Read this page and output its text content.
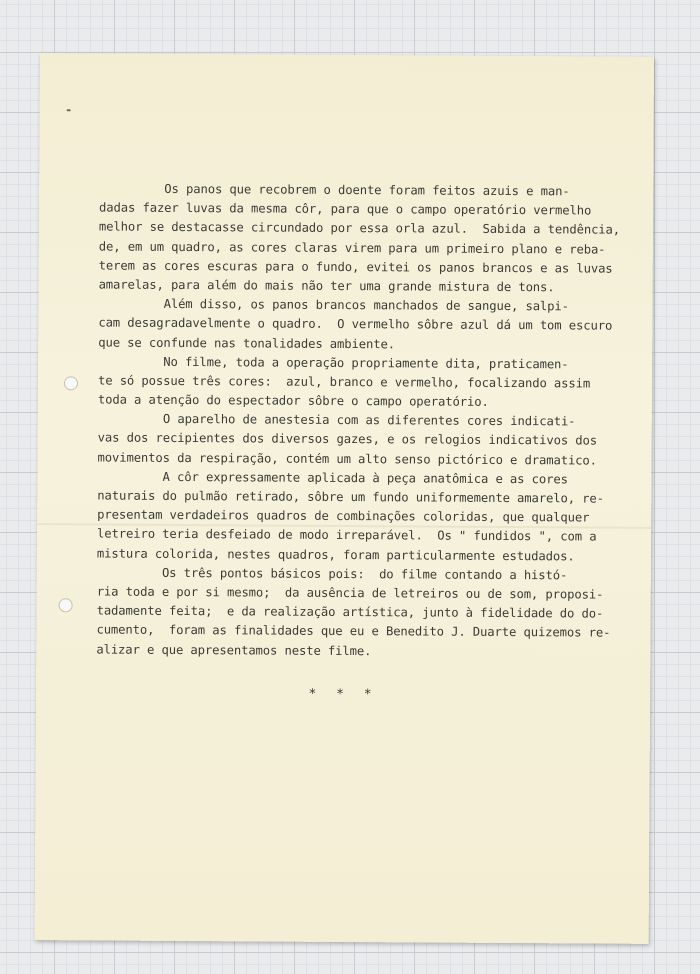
Os panos que recobrem o doente foram feitos azuis e man-
dadas fazer luvas da mesma côr, para que o campo operatório vermelho
melhor se destacasse circundado por essa orla azul.  Sabida a tendência,
de, em um quadro, as cores claras virem para um primeiro plano e reba-
terem as cores escuras para o fundo, evitei os panos brancos e as luvas
amarelas, para além do mais não ter uma grande mistura de tons.
Além disso, os panos brancos manchados de sangue, salpi-
cam desagradavelmente o quadro.  O vermelho sôbre azul dá um tom escuro
que se confunde nas tonalidades ambiente.
No filme, toda a operação propriamente dita, praticamen-
te só possue três cores:  azul, branco e vermelho, focalizando assim
toda a atenção do espectador sôbre o campo operatório.
O aparelho de anestesia com as diferentes cores indicati-
vas dos recipientes dos diversos gazes, e os relogios indicativos dos
movimentos da respiração, contém um alto senso pictórico e dramatico.
A côr expressamente aplicada à peça anatômica e as cores
naturais do pulmão retirado, sôbre um fundo uniformemente amarelo, re-
presentam verdadeiros quadros de combinações coloridas, que qualquer
letreiro teria desfeiado de modo irreparável.  Os " fundidos ", com a
mistura colorida, nestes quadros, foram particularmente estudados.
Os três pontos básicos pois:  do filme contando a histó-
ria toda e por si mesmo;  da ausência de letreiros ou de som, proposi-
tadamente feita;  e da realização artística, junto à fidelidade do do-
cumento,  foram as finalidades que eu e Benedito J. Duarte quizemos re-
alizar e que apresentamos neste filme.
* * *
